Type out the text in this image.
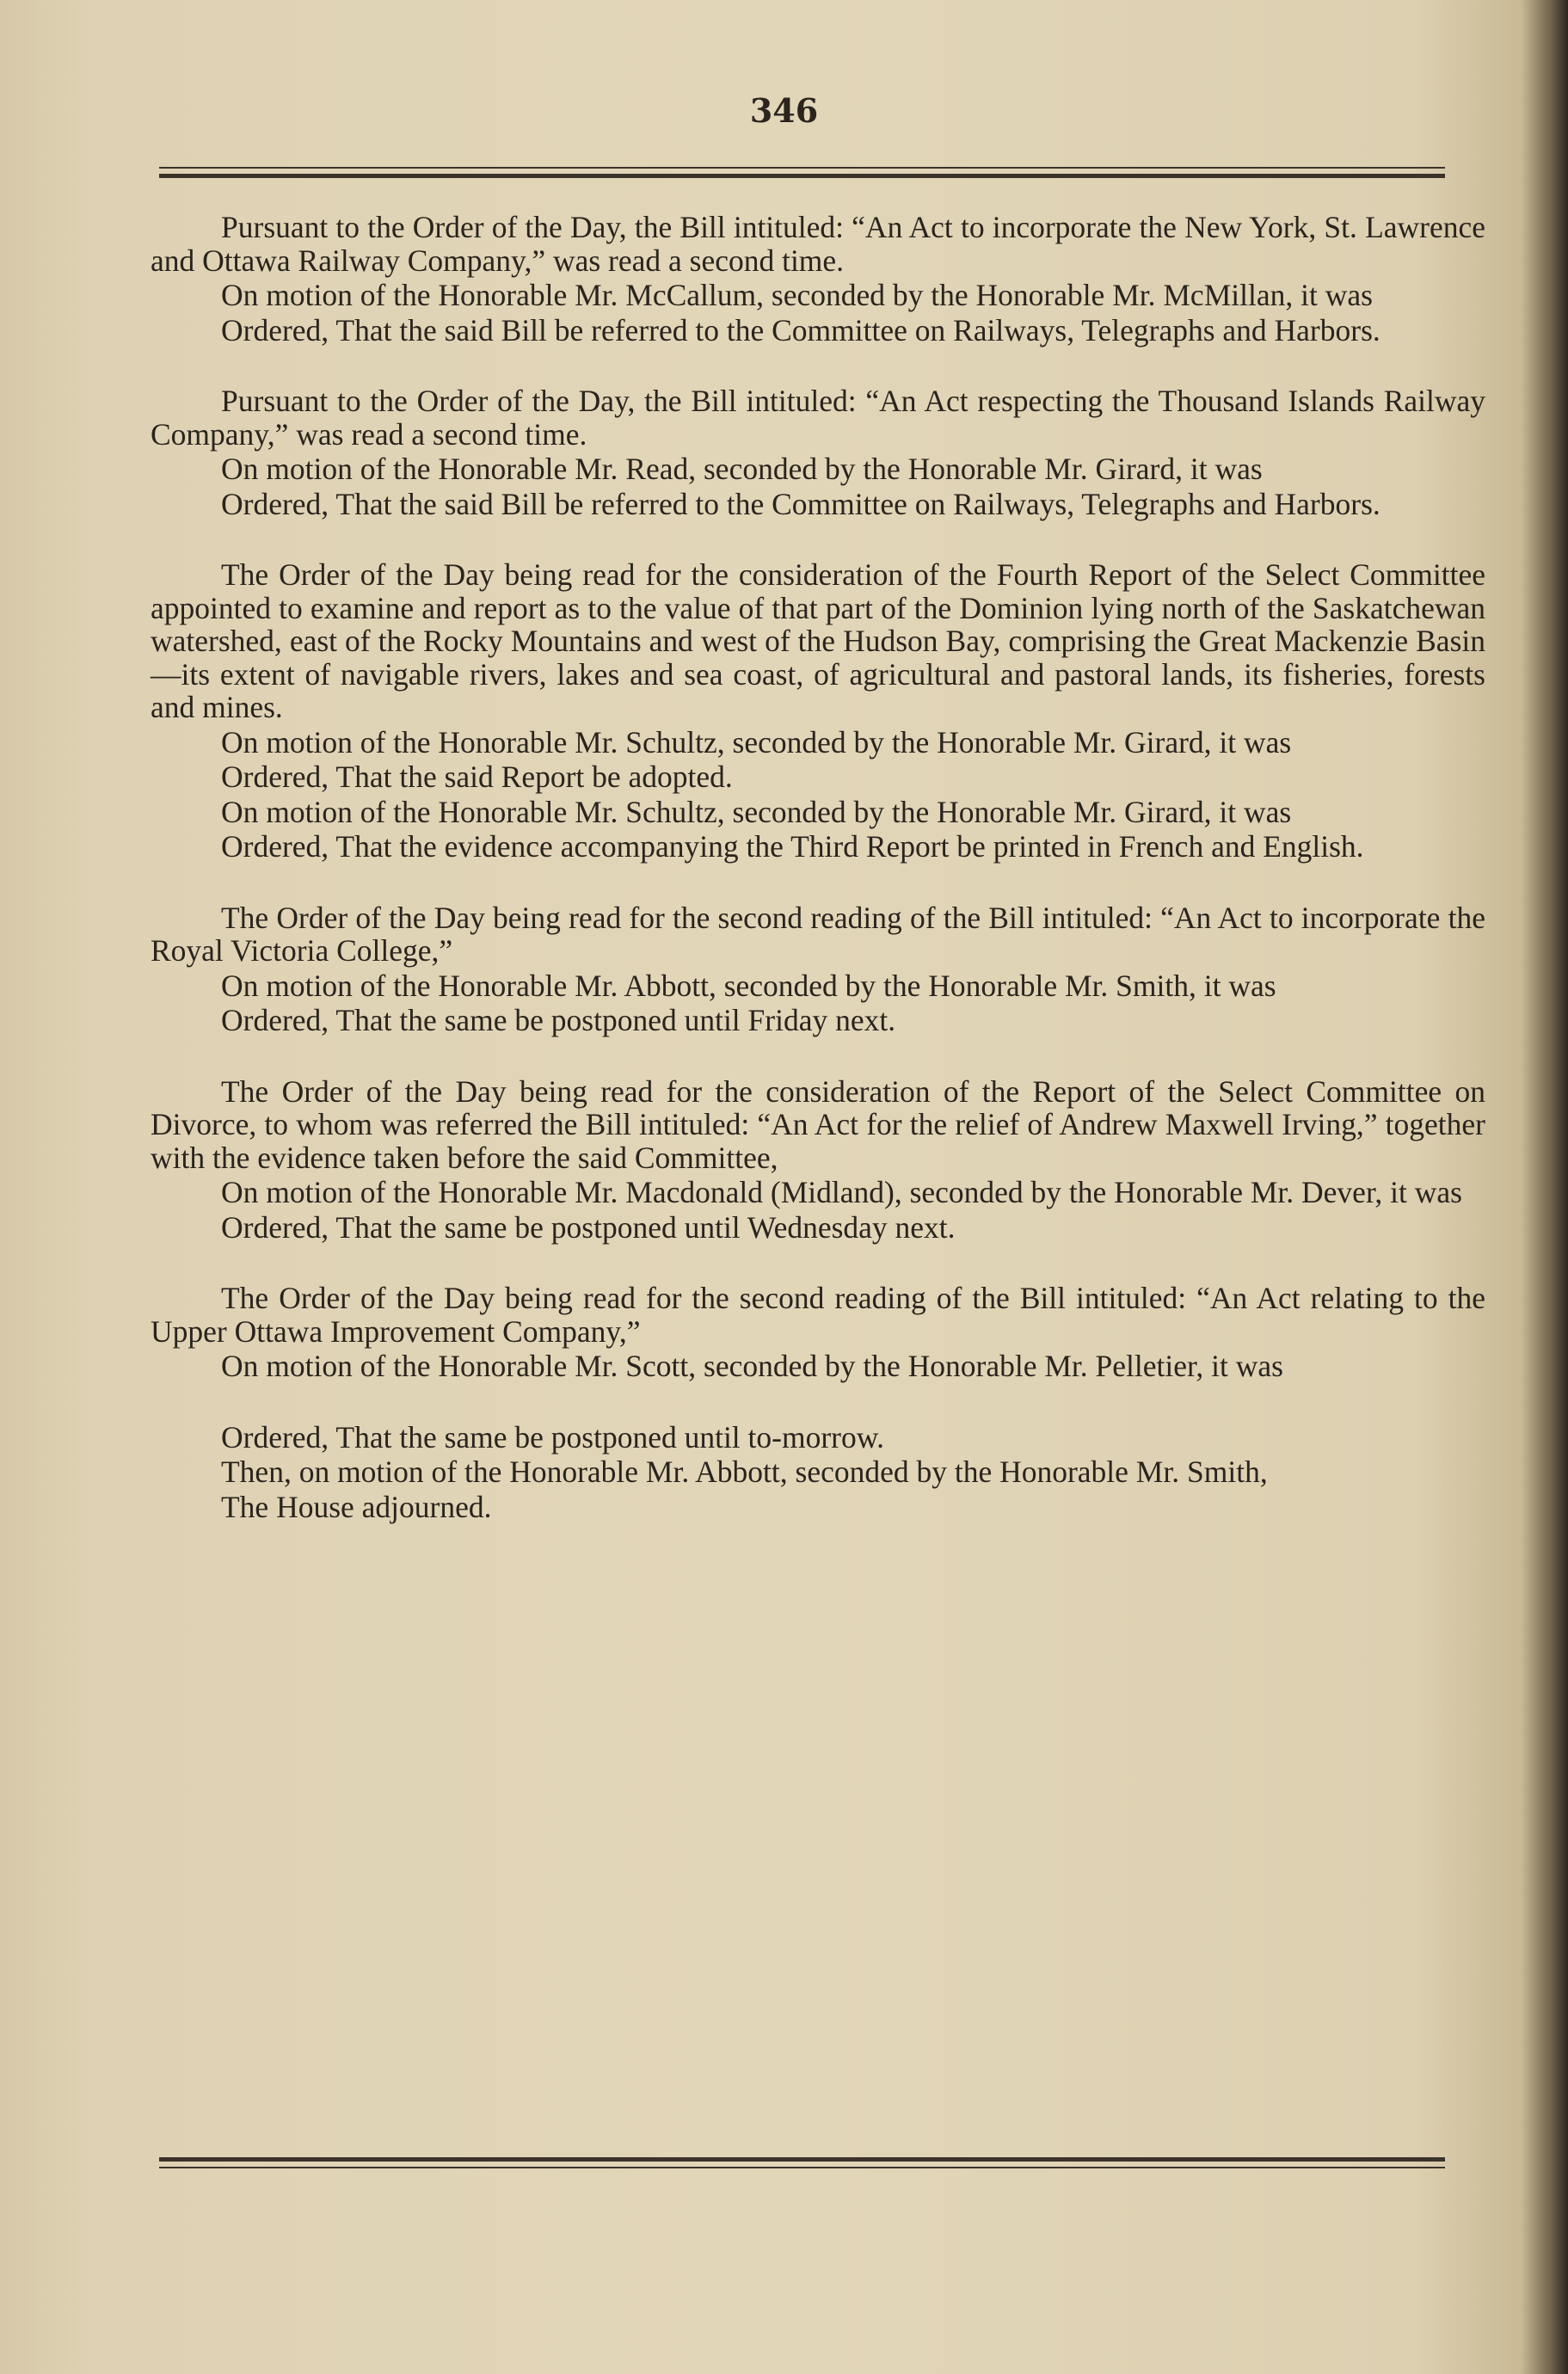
346

Pursuant to the Order of the Day, the Bill intituled: “An Act to incorporate the New York, St. Lawrence and Ottawa Railway Company,” was read a second time.

On motion of the Honorable Mr. McCallum, seconded by the Honorable Mr. McMillan, it was

Ordered, That the said Bill be referred to the Committee on Railways, Telegraphs and Harbors.

Pursuant to the Order of the Day, the Bill intituled: “An Act respecting the Thousand Islands Railway Company,” was read a second time.

On motion of the Honorable Mr. Read, seconded by the Honorable Mr. Girard, it was

Ordered, That the said Bill be referred to the Committee on Railways, Telegraphs and Harbors.

The Order of the Day being read for the consideration of the Fourth Report of the Select Committee appointed to examine and report as to the value of that part of the Dominion lying north of the Saskatchewan watershed, east of the Rocky Mountains and west of the Hudson Bay, comprising the Great Mackenzie Basin—its extent of navigable rivers, lakes and sea coast, of agricultural and pastoral lands, its fisheries, forests and mines.

On motion of the Honorable Mr. Schultz, seconded by the Honorable Mr. Girard, it was

Ordered, That the said Report be adopted.

On motion of the Honorable Mr. Schultz, seconded by the Honorable Mr. Girard, it was

Ordered, That the evidence accompanying the Third Report be printed in French and English.

The Order of the Day being read for the second reading of the Bill intituled: “An Act to incorporate the Royal Victoria College,”

On motion of the Honorable Mr. Abbott, seconded by the Honorable Mr. Smith, it was

Ordered, That the same be postponed until Friday next.

The Order of the Day being read for the consideration of the Report of the Select Committee on Divorce, to whom was referred the Bill intituled: “An Act for the relief of Andrew Maxwell Irving,” together with the evidence taken before the said Committee,

On motion of the Honorable Mr. Macdonald (Midland), seconded by the Honorable Mr. Dever, it was

Ordered, That the same be postponed until Wednesday next.

The Order of the Day being read for the second reading of the Bill intituled: “An Act relating to the Upper Ottawa Improvement Company,”

On motion of the Honorable Mr. Scott, seconded by the Honorable Mr. Pelletier, it was

Ordered, That the same be postponed until to-morrow.

Then, on motion of the Honorable Mr. Abbott, seconded by the Honorable Mr. Smith,

The House adjourned.
